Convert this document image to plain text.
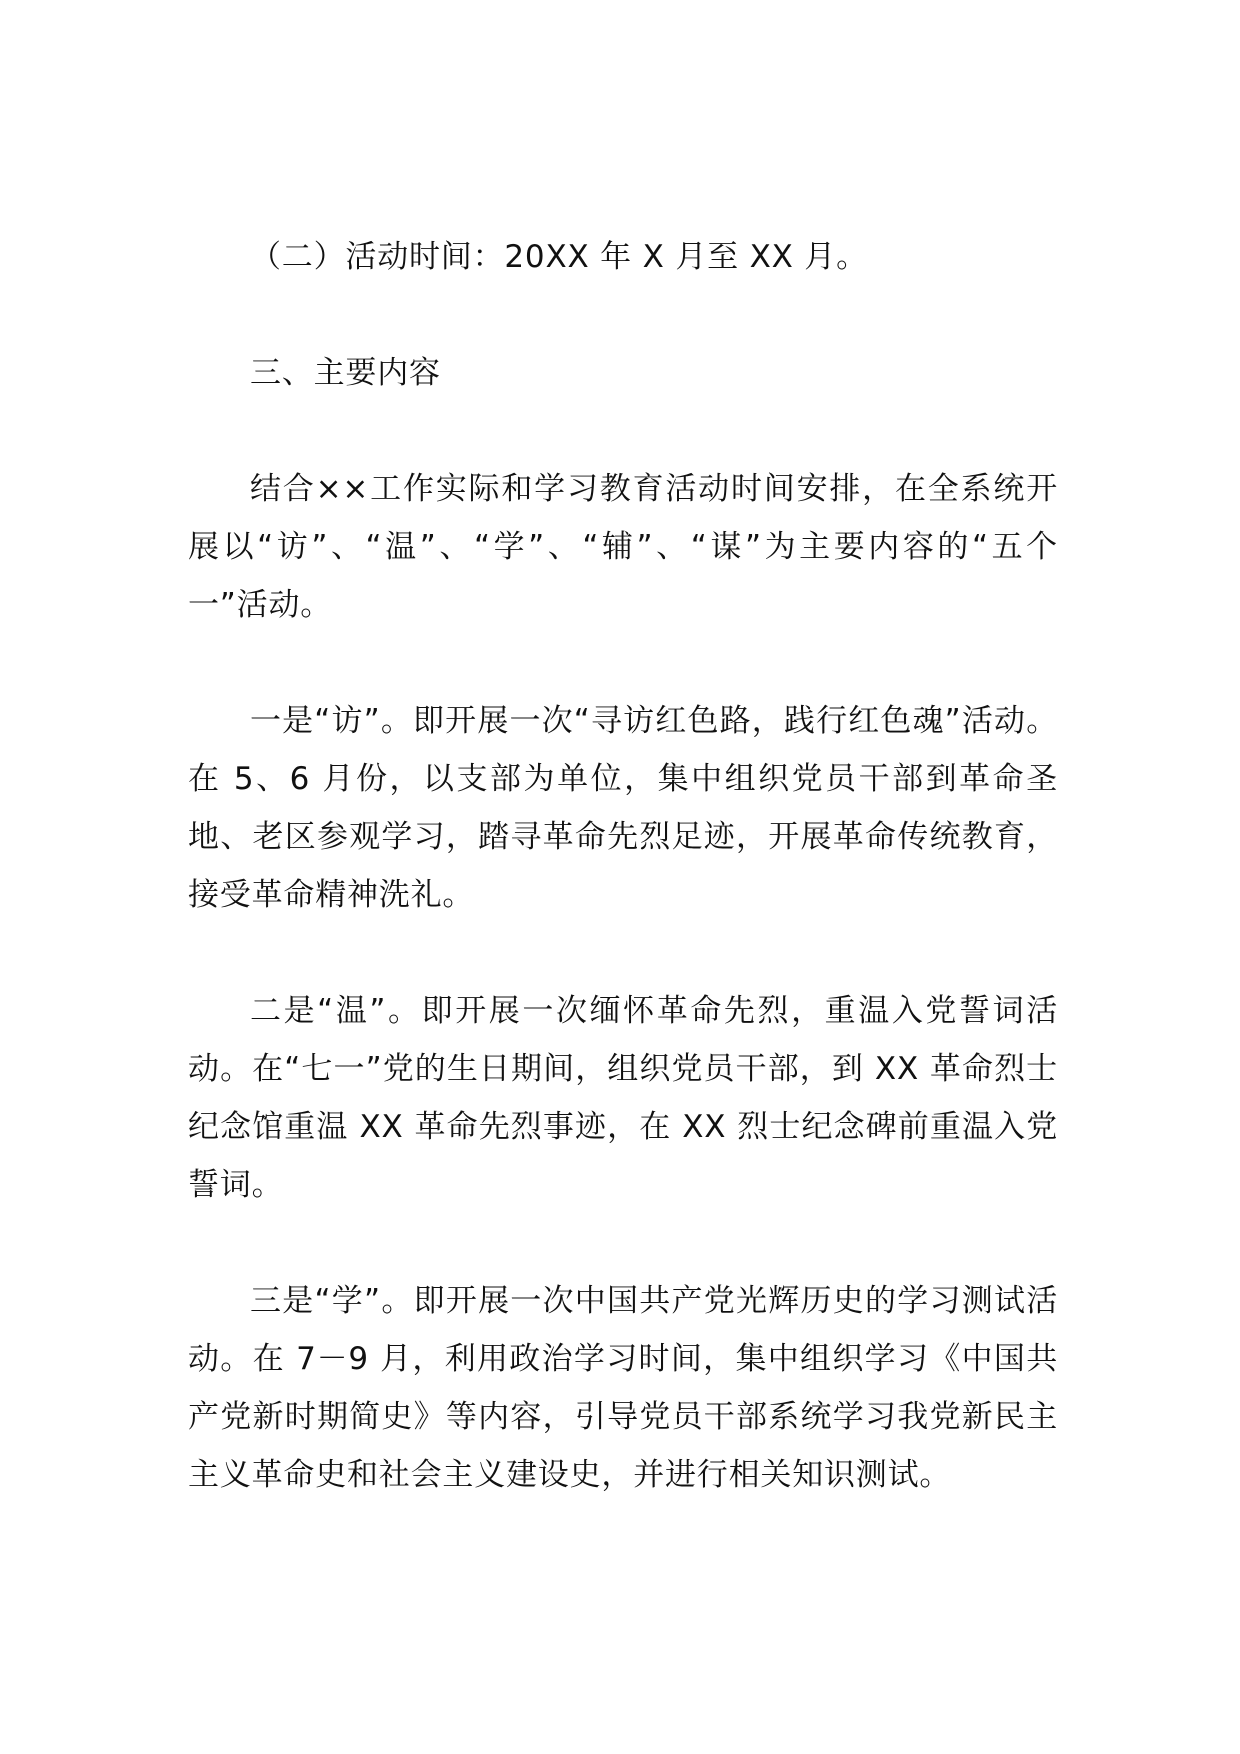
（二）活动时间：20XX 年 X 月至 XX 月。

三、主要内容

结合××工作实际和学习教育活动时间安排，在全系统开展以“访”、“温”、“学”、“辅”、“谋”为主要内容的“五个一”活动。

一是“访”。即开展一次“寻访红色路，践行红色魂”活动。在 5、6 月份，以支部为单位，集中组织党员干部到革命圣地、老区参观学习，踏寻革命先烈足迹，开展革命传统教育，接受革命精神洗礼。

二是“温”。即开展一次缅怀革命先烈，重温入党誓词活动。在“七一”党的生日期间，组织党员干部，到 XX 革命烈士纪念馆重温 XX 革命先烈事迹，在 XX 烈士纪念碑前重温入党誓词。

三是“学”。即开展一次中国共产党光辉历史的学习测试活动。在 7－9 月，利用政治学习时间，集中组织学习《中国共产党新时期简史》等内容，引导党员干部系统学习我党新民主主义革命史和社会主义建设史，并进行相关知识测试。
